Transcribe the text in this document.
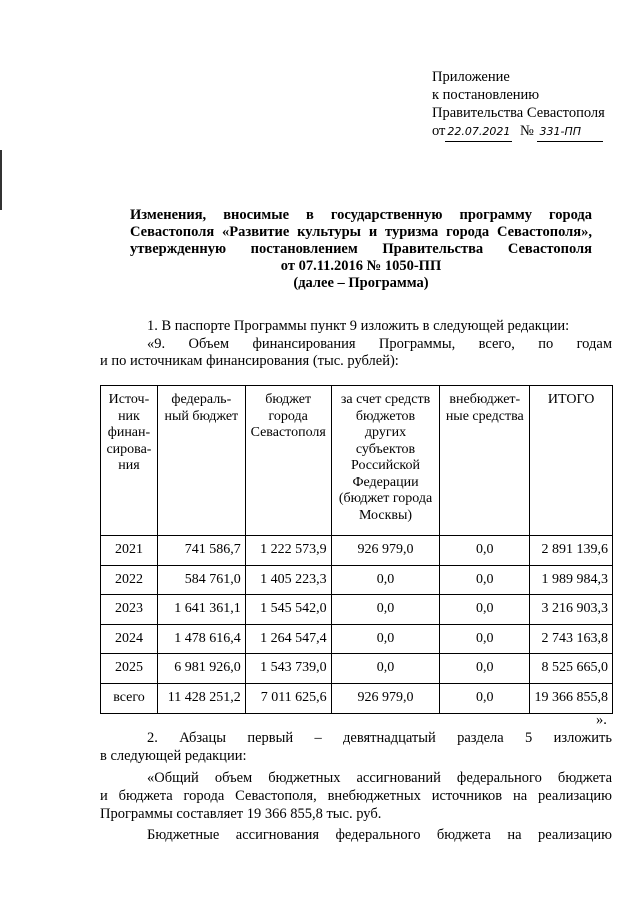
Приложение
к постановлению
Правительства Севастополя
от 22.07.2021 № 331-ПП
Изменения, вносимые в государственную программу города
Севастополя «Развитие культуры и туризма города Севастополя»,
утвержденную постановлением Правительства Севастополя
от 07.11.2016 № 1050-ПП
(далее – Программа)
1. В паспорте Программы пункт 9 изложить в следующей редакции:
«9. Объем финансирования Программы, всего, по годам
и по источникам финансирования (тыс. рублей):
Источ-ник финан-сирова-ния	федераль-ный бюджет	бюджет города Севастополя	за счет средств бюджетов других субъектов Российской Федерации (бюджет города Москвы)	внебюджет-ные средства	ИТОГО
2021	741 586,7	1 222 573,9	926 979,0	0,0	2 891 139,6
2022	584 761,0	1 405 223,3	0,0	0,0	1 989 984,3
2023	1 641 361,1	1 545 542,0	0,0	0,0	3 216 903,3
2024	1 478 616,4	1 264 547,4	0,0	0,0	2 743 163,8
2025	6 981 926,0	1 543 739,0	0,0	0,0	8 525 665,0
всего	11 428 251,2	7 011 625,6	926 979,0	0,0	19 366 855,8
».
2. Абзацы первый – девятнадцатый раздела 5 изложить
в следующей редакции:
«Общий объем бюджетных ассигнований федерального бюджета
и бюджета города Севастополя, внебюджетных источников на реализацию
Программы составляет 19 366 855,8 тыс. руб.
Бюджетные ассигнования федерального бюджета на реализацию
